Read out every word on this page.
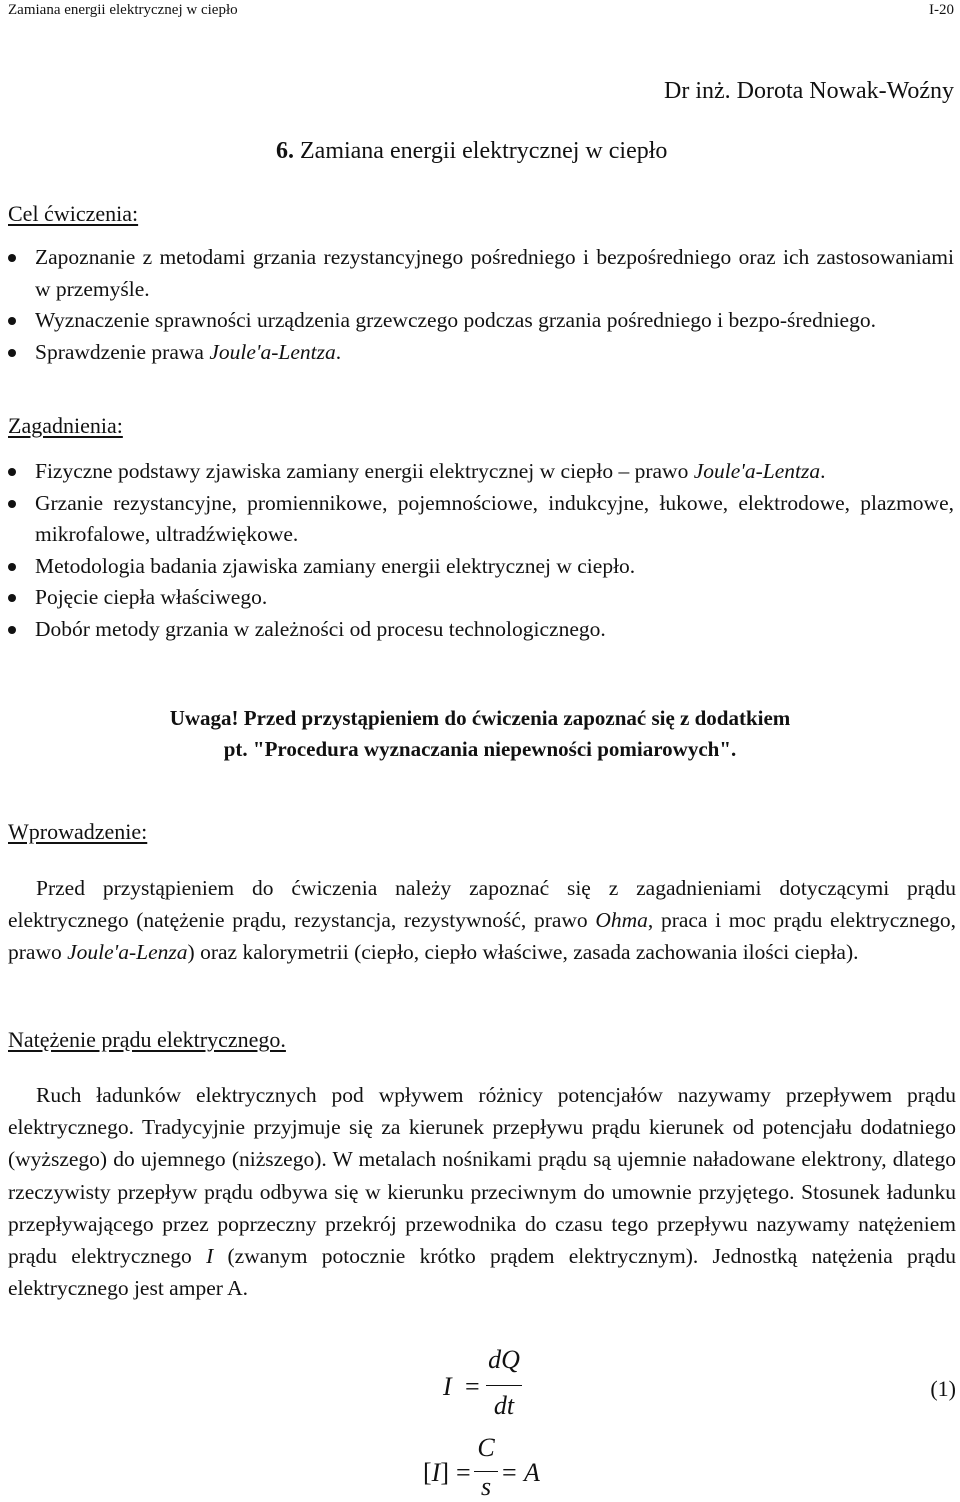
Zamiana energii elektrycznej w ciepło	I-20
Dr inż. Dorota Nowak-Woźny
6. Zamiana energii elektrycznej w ciepło
Cel ćwiczenia:
Zapoznanie z metodami grzania rezystancyjnego pośredniego i bezpośredniego oraz ich zastosowaniami w przemyśle.
Wyznaczenie sprawności urządzenia grzewczego podczas grzania pośredniego i bezpo-średniego.
Sprawdzenie prawa Joule'a-Lentza.
Zagadnienia:
Fizyczne podstawy zjawiska zamiany energii elektrycznej w ciepło – prawo Joule'a-Lentza.
Grzanie rezystancyjne, promiennikowe, pojemnościowe, indukcyjne, łukowe, elektrodowe, plazmowe, mikrofalowe, ultradźwiękowe.
Metodologia badania zjawiska zamiany energii elektrycznej w ciepło.
Pojęcie ciepła właściwego.
Dobór metody grzania w zależności od procesu technologicznego.
Uwaga! Przed przystąpieniem do ćwiczenia zapoznać się z dodatkiem
pt. "Procedura wyznaczania niepewności pomiarowych".
Wprowadzenie:

Przed przystąpieniem do ćwiczenia należy zapoznać się z zagadnieniami dotyczącymi prą​du elektrycznego (natężenie prądu, rezystancja, rezystywność, prawo Ohma, praca i moc prą​du elektrycznego, prawo Joule'a-Lenza) oraz kalorymetrii (ciepło, ciepło właściwe, zasada zachowania ilości ciepła).

Natężenie prądu elektrycznego.

Ruch ładunków elektrycznych pod wpływem różnicy potencjałów nazywamy przepływem prądu elektrycznego. Tradycyjnie przyjmuje się za kierunek przepływu prądu kierunek od potencjału dodatniego (wyższego) do ujemnego (niższego). W metalach nośnikami prądu są ujemnie naładowane elektrony, dlatego rzeczywisty przepływ prądu odbywa się w kierunku przeciwnym do umownie przyjętego. Stosunek ładunku przepływającego przez poprzeczny przekrój przewodnika do czasu tego przepływu nazywamy natężeniem prądu elektrycznego I (zwanym potocznie krótko prądem elektrycznym). Jednostką natężenia prądu elektrycznego jest amper A.

I =
dQ
dt
(1)
[I] =
C
s = A
